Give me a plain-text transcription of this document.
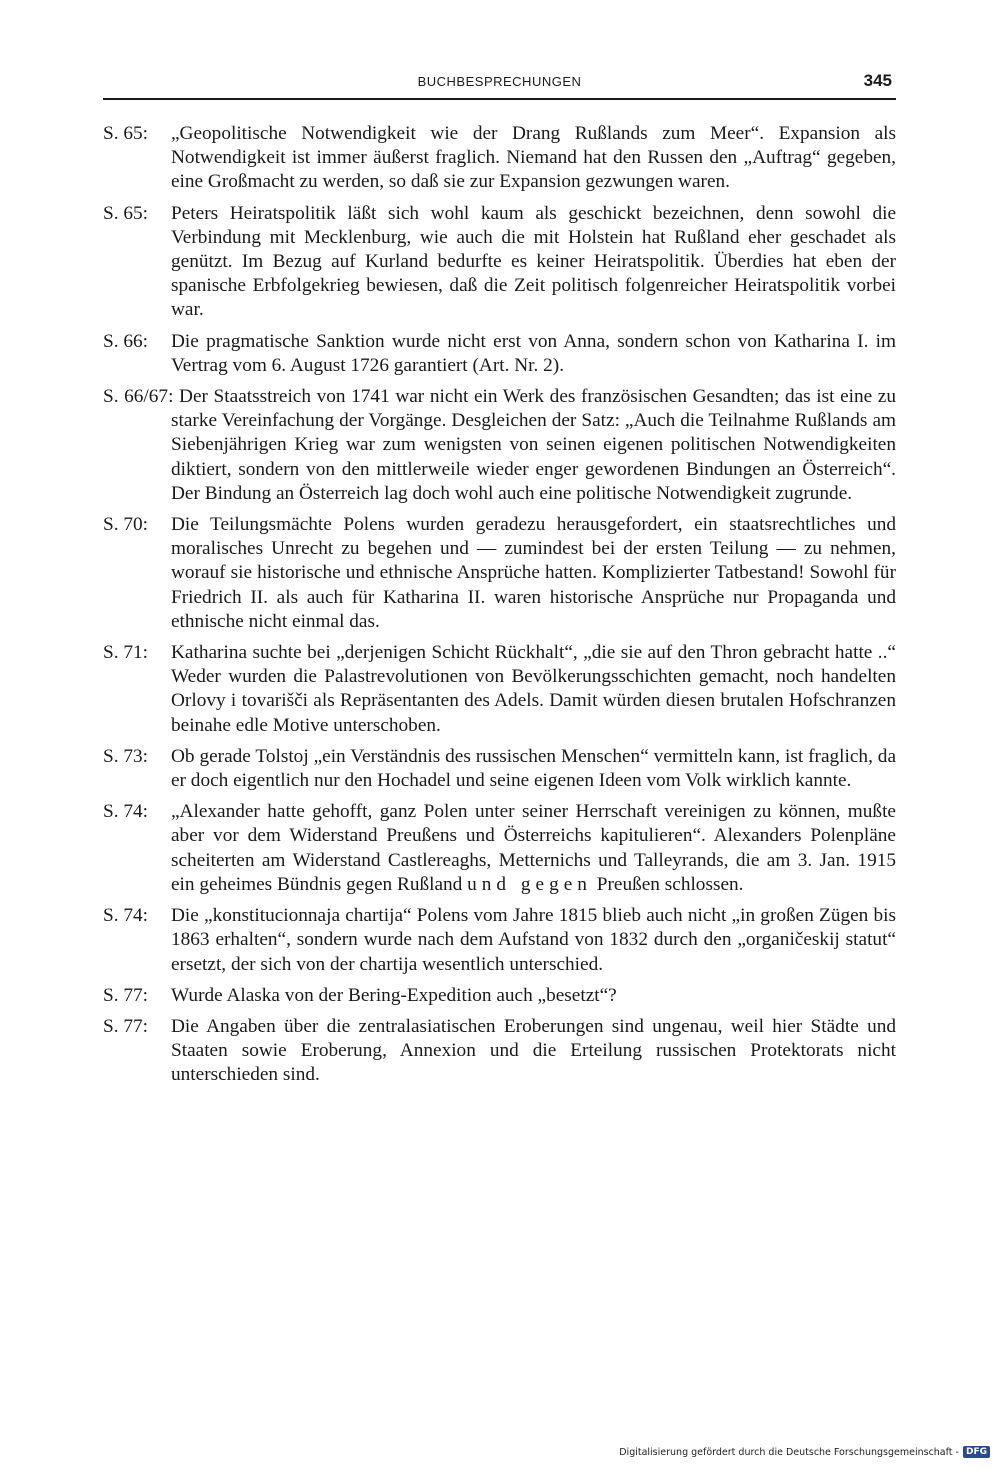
BUCHBESPRECHUNGEN	345
S. 65: „Geopolitische Notwendigkeit wie der Drang Rußlands zum Meer“. Expansion als Notwendigkeit ist immer äußerst fraglich. Niemand hat den Russen den „Auftrag“ gegeben, eine Großmacht zu werden, so daß sie zur Expansion gezwungen waren.
S. 65: Peters Heiratspolitik läßt sich wohl kaum als geschickt bezeichnen, denn sowohl die Verbindung mit Mecklenburg, wie auch die mit Holstein hat Rußland eher geschadet als genützt. Im Bezug auf Kurland bedurfte es keiner Heiratspolitik. Überdies hat eben der spanische Erbfolgekrieg bewiesen, daß die Zeit politisch folgenreicher Heiratspolitik vorbei war.
S. 66: Die pragmatische Sanktion wurde nicht erst von Anna, sondern schon von Katharina I. im Vertrag vom 6. August 1726 garantiert (Art. Nr. 2).
S. 66/67: Der Staatsstreich von 1741 war nicht ein Werk des französischen Gesandten; das ist eine zu starke Vereinfachung der Vorgänge. Desgleichen der Satz: „Auch die Teilnahme Rußlands am Siebenjährigen Krieg war zum wenigsten von seinen eigenen politischen Notwendigkeiten diktiert, sondern von den mittlerweile wieder enger gewordenen Bindungen an Österreich“. Der Bindung an Österreich lag doch wohl auch eine politische Notwendigkeit zugrunde.
S. 70: Die Teilungsmächte Polens wurden geradezu herausgefordert, ein staatsrechtliches und moralisches Unrecht zu begehen und — zumindest bei der ersten Teilung — zu nehmen, worauf sie historische und ethnische Ansprüche hatten. Komplizierter Tatbestand! Sowohl für Friedrich II. als auch für Katharina II. waren historische Ansprüche nur Propaganda und ethnische nicht einmal das.
S. 71: Katharina suchte bei „derjenigen Schicht Rückhalt“, „die sie auf den Thron gebracht hatte ..“ Weder wurden die Palastrevolutionen von Bevölkerungsschichten gemacht, noch handelten Orlovy i tovarišči als Repräsentanten des Adels. Damit würden diesen brutalen Hofschranzen beinahe edle Motive unterschoben.
S. 73: Ob gerade Tolstoj „ein Verständnis des russischen Menschen“ vermitteln kann, ist fraglich, da er doch eigentlich nur den Hochadel und seine eigenen Ideen vom Volk wirklich kannte.
S. 74: „Alexander hatte gehofft, ganz Polen unter seiner Herrschaft vereinigen zu können, mußte aber vor dem Widerstand Preußens und Österreichs kapitulieren“. Alexanders Polenpläne scheiterten am Widerstand Castlereaghs, Metternichs und Talleyrands, die am 3. Jan. 1915 ein geheimes Bündnis gegen Rußland und gegen Preußen schlossen.
S. 74: Die „konstitucionnaja chartija“ Polens vom Jahre 1815 blieb auch nicht „in großen Zügen bis 1863 erhalten“, sondern wurde nach dem Aufstand von 1832 durch den „organičeskij statut“ ersetzt, der sich von der chartija wesentlich unterschied.
S. 77: Wurde Alaska von der Bering-Expedition auch „besetzt“?
S. 77: Die Angaben über die zentralasiatischen Eroberungen sind ungenau, weil hier Städte und Staaten sowie Eroberung, Annexion und die Erteilung russischen Protektorats nicht unterschieden sind.
Digitalisierung gefördert durch die Deutsche Forschungsgemeinschaft - DFG
